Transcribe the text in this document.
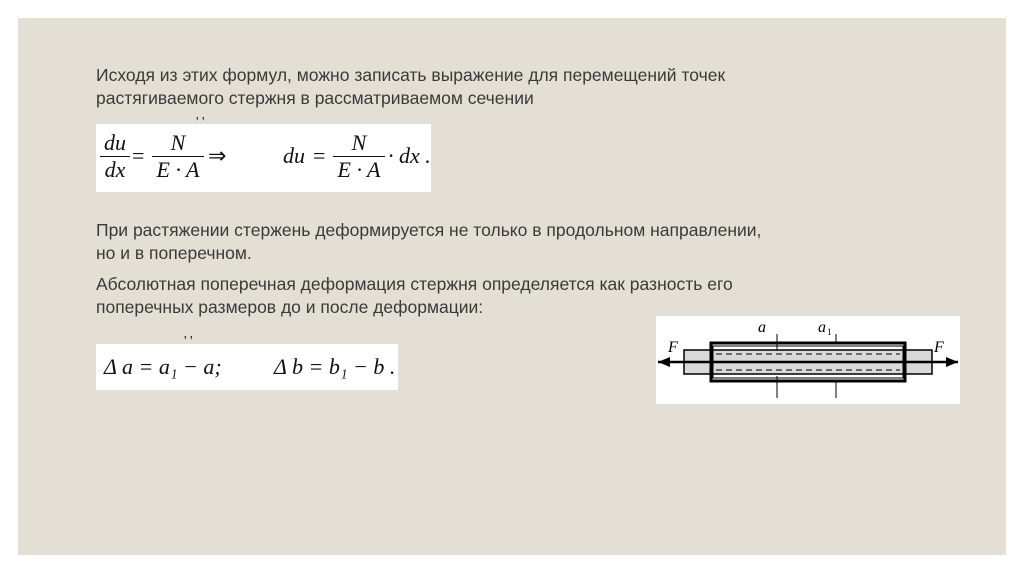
Исходя из этих формул, можно записать выражение для перемещений точек
растягиваемого стержня в рассматриваемом сечении
' '
du
dx
=
N
E · A
⇒	du =
N
E · A
· dx .
При растяжении стержень деформируется не только в продольном направлении,
но и в поперечном.
Абсолютная поперечная деформация стержня определяется как разность его
поперечных размеров до и после деформации:
' '
Δ a = a₁ − a; Δ b = b₁ − b .
F	F
a	a 1
